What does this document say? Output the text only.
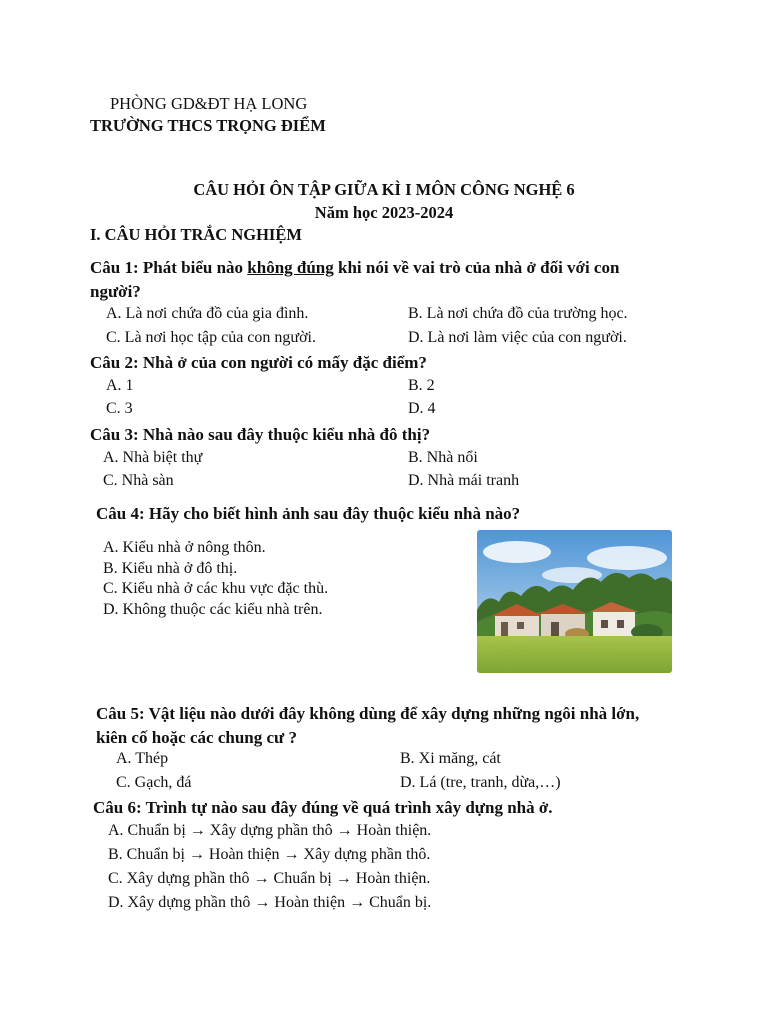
PHÒNG GD&ĐT HẠ LONG
TRƯỜNG THCS TRỌNG ĐIỂM
CÂU HỎI ÔN TẬP GIỮA KÌ I MÔN CÔNG NGHỆ 6
Năm học 2023-2024
I. CÂU HỎI TRẮC NGHIỆM
Câu 1: Phát biểu nào không đúng khi nói về vai trò của nhà ở đối với con
người?
A. Là nơi chứa đồ của gia đình.	B. Là nơi chứa đồ của trường học.
C. Là nơi học tập của con người.	D. Là nơi làm việc của con người.
Câu 2: Nhà ở của con người có mấy đặc điểm?
A. 1	B. 2
C. 3	D. 4
Câu 3: Nhà nào sau đây thuộc kiểu nhà đô thị?
A. Nhà biệt thự	B. Nhà nổi
C. Nhà sàn	D. Nhà mái tranh
Câu 4: Hãy cho biết hình ảnh sau đây thuộc kiểu nhà nào?
A. Kiểu nhà ở nông thôn.
B. Kiểu nhà ở đô thị.
C. Kiểu nhà ở các khu vực đặc thù.
D. Không thuộc các kiểu nhà trên.
Câu 5: Vật liệu nào dưới đây không dùng để xây dựng những ngôi nhà lớn,
kiên cố hoặc các chung cư ?
A. Thép	B. Xi măng, cát
C. Gạch, đá	D. Lá (tre, tranh, dừa,…)
Câu 6: Trình tự nào sau đây đúng về quá trình xây dựng nhà ở.
A. Chuẩn bị → Xây dựng phần thô → Hoàn thiện.
B. Chuẩn bị → Hoàn thiện → Xây dựng phần thô.
C. Xây dựng phần thô → Chuẩn bị → Hoàn thiện.
D. Xây dựng phần thô → Hoàn thiện → Chuẩn bị.
